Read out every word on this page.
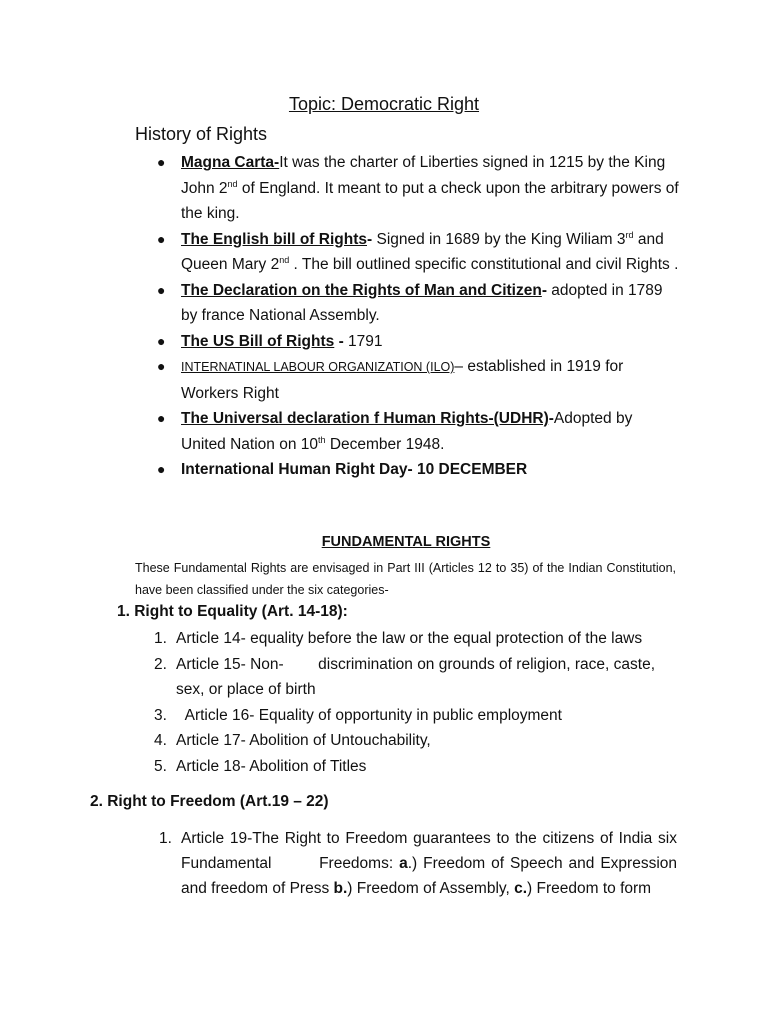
Topic: Democratic Right
History of Rights
● Magna Carta-It was the charter of Liberties signed in 1215 by the King John 2nd of England. It meant to put a check upon the arbitrary powers of the king.
● The English bill of Rights- Signed in 1689 by the King Wiliam 3rd and Queen Mary 2nd . The bill outlined specific constitutional and civil Rights .
● The Declaration on the Rights of Man and Citizen- adopted in 1789 by france National Assembly.
● The US Bill of Rights - 1791
● INTERNATINAL LABOUR ORGANIZATION (ILO)– established in 1919 for Workers Right
● The Universal declaration f Human Rights-(UDHR)-Adopted by United Nation on 10th December 1948.
● International Human Right Day- 10 DECEMBER
FUNDAMENTAL RIGHTS
These Fundamental Rights are envisaged in Part III (Articles 12 to 35) of the Indian Constitution, have been classified under the six categories-
1. Right to Equality (Art. 14-18):
1. Article 14- equality before the law or the equal protection of the laws
2. Article 15- Non-        discrimination on grounds of religion, race, caste, sex, or place of birth
3. Article 16- Equality of opportunity in public employment
4. Article 17- Abolition of Untouchability,
5. Article 18- Abolition of Titles
2. Right to Freedom (Art.19 – 22)
1. Article 19-The Right to Freedom guarantees to the citizens of India six Fundamental        Freedoms: a.) Freedom of Speech and Expression and freedom of Press b.) Freedom of Assembly, c.) Freedom to form
